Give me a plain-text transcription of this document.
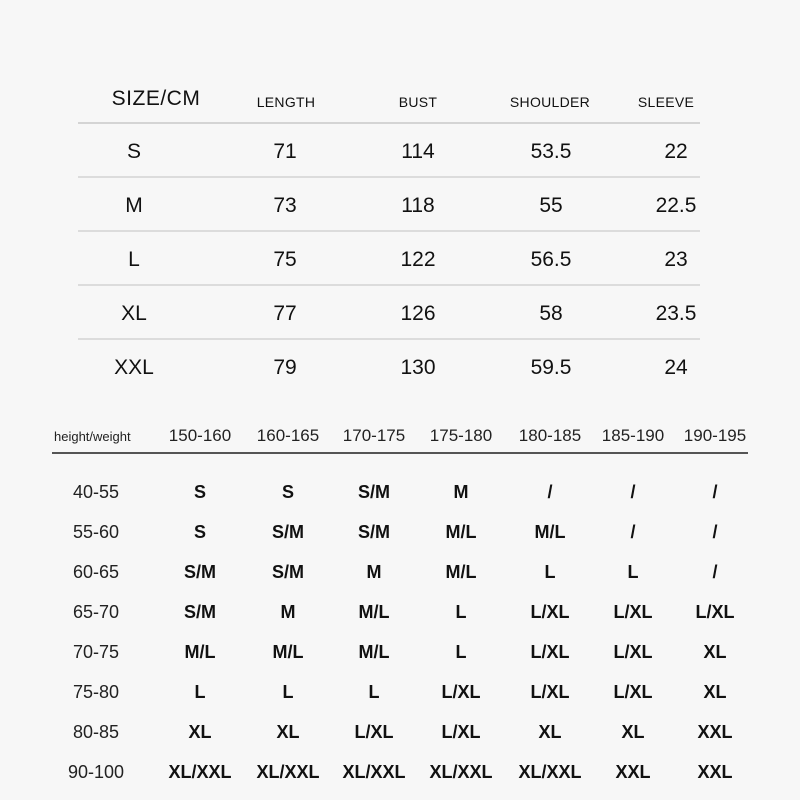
SIZE/CM	LENGTH	BUST	SHOULDER	SLEEVE
S	71	114	53.5	22
M	73	118	55	22.5
L	75	122	56.5	23
XL	77	126	58	23.5
XXL	79	130	59.5	24
height/weight 150-160 160-165 170-175 175-180 180-185 185-190 190-195
40-55	S	S	S/M	M	/	/	/
55-60	S	S/M	S/M	M/L	M/L	/	/
60-65	S/M	S/M	M	M/L	L	L	/
65-70	S/M	M	M/L	L	L/XL L/XL L/XL
70-75	M/L	M/L	M/L	L	L/XL L/XL	XL
75-80	L	L	L	L/XL	L/XL L/XL	XL
80-85	XL	XL	L/XL	L/XL	XL	XL	XXL
90-100 XL/XXL XL/XXL XL/XXL XL/XXL XL/XXL XXL	XXL
